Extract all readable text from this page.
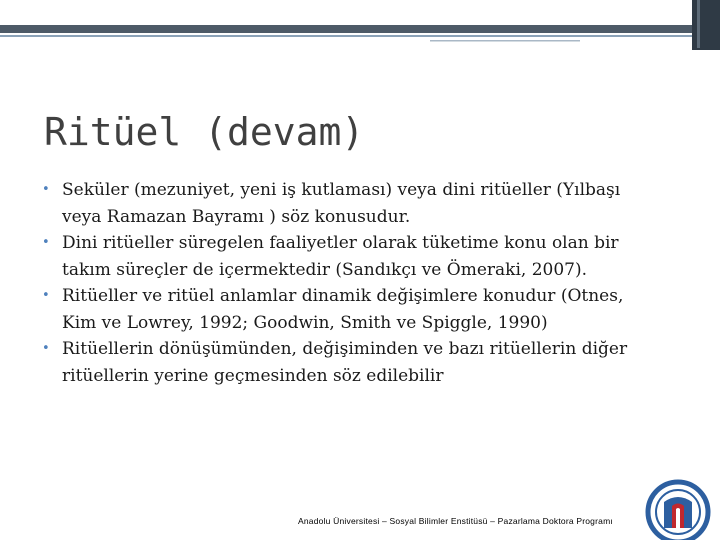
Ritüel (devam)
• Seküler (mezuniyet, yeni iş kutlaması) veya dini ritüeller (Yılbaşı veya Ramazan Bayramı ) söz konusudur.
• Dini ritüeller süregelen faaliyetler olarak tüketime konu olan bir takım süreçler de içermektedir (Sandıkçı ve Ömeraki, 2007).
• Ritüeller ve ritüel anlamlar dinamik değişimlere konudur (Otnes, Kim ve Lowrey, 1992; Goodwin, Smith ve Spiggle, 1990)
• Ritüellerin dönüşümünden, değişiminden ve bazı ritüellerin diğer ritüellerin yerine geçmesinden söz edilebilir
Anadolu Üniversitesi – Sosyal Bilimler Enstitüsü – Pazarlama Doktora Programı
